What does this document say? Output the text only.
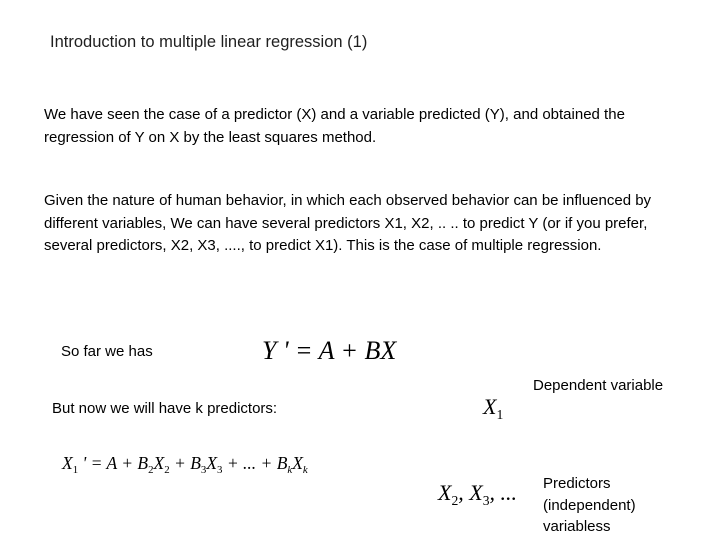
Introduction to multiple linear regression (1)

We have seen the case of a predictor (X) and a variable predicted (Y), and obtained the regression of Y on X by the least squares method.

Given the nature of human behavior, in which each observed behavior can be influenced by different variables, We can have several predictors X1, X2, .. .. to predict Y (or if you prefer, several predictors, X2, X3, ...., to predict X1). This is the case of multiple regression.

So far we has	Y ' = A + BX
Dependent variable
But now we will have k predictors:	$X_1$
$X_1$ ' = $A + B_2X_2 + B_3X_3$ + ... + $B_kX_k$
$X_2$, $X_3$, ... Predictors
(independent)
variabless
